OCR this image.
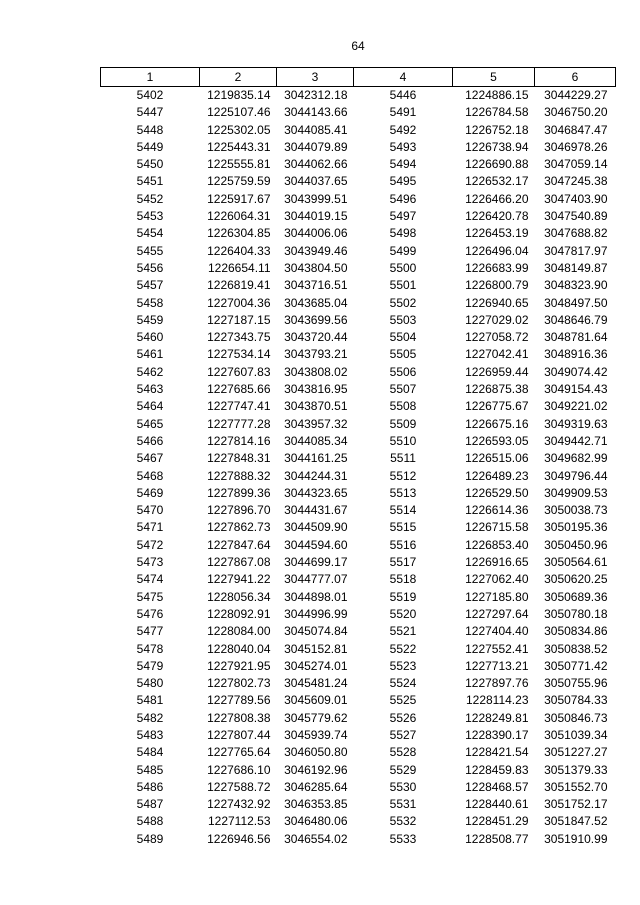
64
1	2	3	4	5	6
5402	1219835.14	3042312.18	5446	1224886.15	3044229.27
5447	1225107.46	3044143.66	5491	1226784.58	3046750.20
5448	1225302.05	3044085.41	5492	1226752.18	3046847.47
5449	1225443.31	3044079.89	5493	1226738.94	3046978.26
5450	1225555.81	3044062.66	5494	1226690.88	3047059.14
5451	1225759.59	3044037.65	5495	1226532.17	3047245.38
5452	1225917.67	3043999.51	5496	1226466.20	3047403.90
5453	1226064.31	3044019.15	5497	1226420.78	3047540.89
5454	1226304.85	3044006.06	5498	1226453.19	3047688.82
5455	1226404.33	3043949.46	5499	1226496.04	3047817.97
5456	1226654.11	3043804.50	5500	1226683.99	3048149.87
5457	1226819.41	3043716.51	5501	1226800.79	3048323.90
5458	1227004.36	3043685.04	5502	1226940.65	3048497.50
5459	1227187.15	3043699.56	5503	1227029.02	3048646.79
5460	1227343.75	3043720.44	5504	1227058.72	3048781.64
5461	1227534.14	3043793.21	5505	1227042.41	3048916.36
5462	1227607.83	3043808.02	5506	1226959.44	3049074.42
5463	1227685.66	3043816.95	5507	1226875.38	3049154.43
5464	1227747.41	3043870.51	5508	1226775.67	3049221.02
5465	1227777.28	3043957.32	5509	1226675.16	3049319.63
5466	1227814.16	3044085.34	5510	1226593.05	3049442.71
5467	1227848.31	3044161.25	5511	1226515.06	3049682.99
5468	1227888.32	3044244.31	5512	1226489.23	3049796.44
5469	1227899.36	3044323.65	5513	1226529.50	3049909.53
5470	1227896.70	3044431.67	5514	1226614.36	3050038.73
5471	1227862.73	3044509.90	5515	1226715.58	3050195.36
5472	1227847.64	3044594.60	5516	1226853.40	3050450.96
5473	1227867.08	3044699.17	5517	1226916.65	3050564.61
5474	1227941.22	3044777.07	5518	1227062.40	3050620.25
5475	1228056.34	3044898.01	5519	1227185.80	3050689.36
5476	1228092.91	3044996.99	5520	1227297.64	3050780.18
5477	1228084.00	3045074.84	5521	1227404.40	3050834.86
5478	1228040.04	3045152.81	5522	1227552.41	3050838.52
5479	1227921.95	3045274.01	5523	1227713.21	3050771.42
5480	1227802.73	3045481.24	5524	1227897.76	3050755.96
5481	1227789.56	3045609.01	5525	1228114.23	3050784.33
5482	1227808.38	3045779.62	5526	1228249.81	3050846.73
5483	1227807.44	3045939.74	5527	1228390.17	3051039.34
5484	1227765.64	3046050.80	5528	1228421.54	3051227.27
5485	1227686.10	3046192.96	5529	1228459.83	3051379.33
5486	1227588.72	3046285.64	5530	1228468.57	3051552.70
5487	1227432.92	3046353.85	5531	1228440.61	3051752.17
5488	1227112.53	3046480.06	5532	1228451.29	3051847.52
5489	1226946.56	3046554.02	5533	1228508.77	3051910.99
